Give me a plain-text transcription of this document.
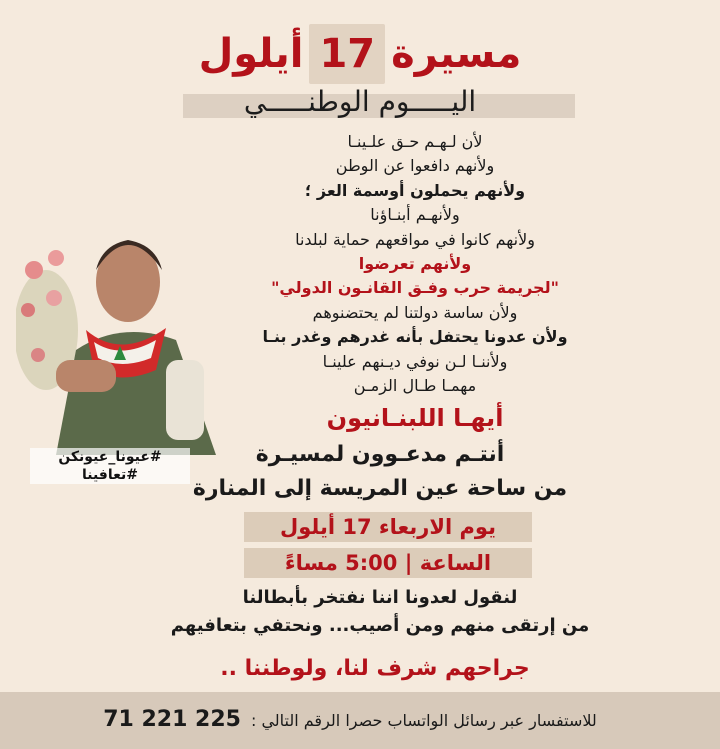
مسيرة17أيلول
اليـــــوم الوطنـــــي
لأن لـهـم حـق علـينـا
ولأنهم دافعوا عن الوطن
ولأنهم يحملون أوسمة العز ؛
ولأنهـم أبنـاؤنا
ولأنهم كانوا في مواقعهم حماية لبلدنا
ولأنهم تعرضوا
"لجريمة حرب وفـق القانـون الدولي"
ولأن ساسة دولتنا لم يحتضنوهم
ولأن عدونا يحتفل بأنه غدرهم وغدر بنـا
ولأننـا لـن نوفي ديـنهم علينـا
مهمـا طـال الزمـن
أيهـا اللبنـانيون
أنتـم مدعـوون لمسيـرة
من ساحة عين المريسة إلى المنارة
يوم الاربعاء 17 أيلول
الساعة | 5:00 مساءً
لنقول لعدونا اننا نفتخر بأبطالنا
من إرتقى منهم ومن أصيب... ونحتفي بتعافيهم
جراحهم شرف لنا، ولوطننا ..
71 221 225 للاستفسار عبر رسائل الواتساب حصرا الرقم التالي :
#عيونا_عيونكن
#تعافينا
